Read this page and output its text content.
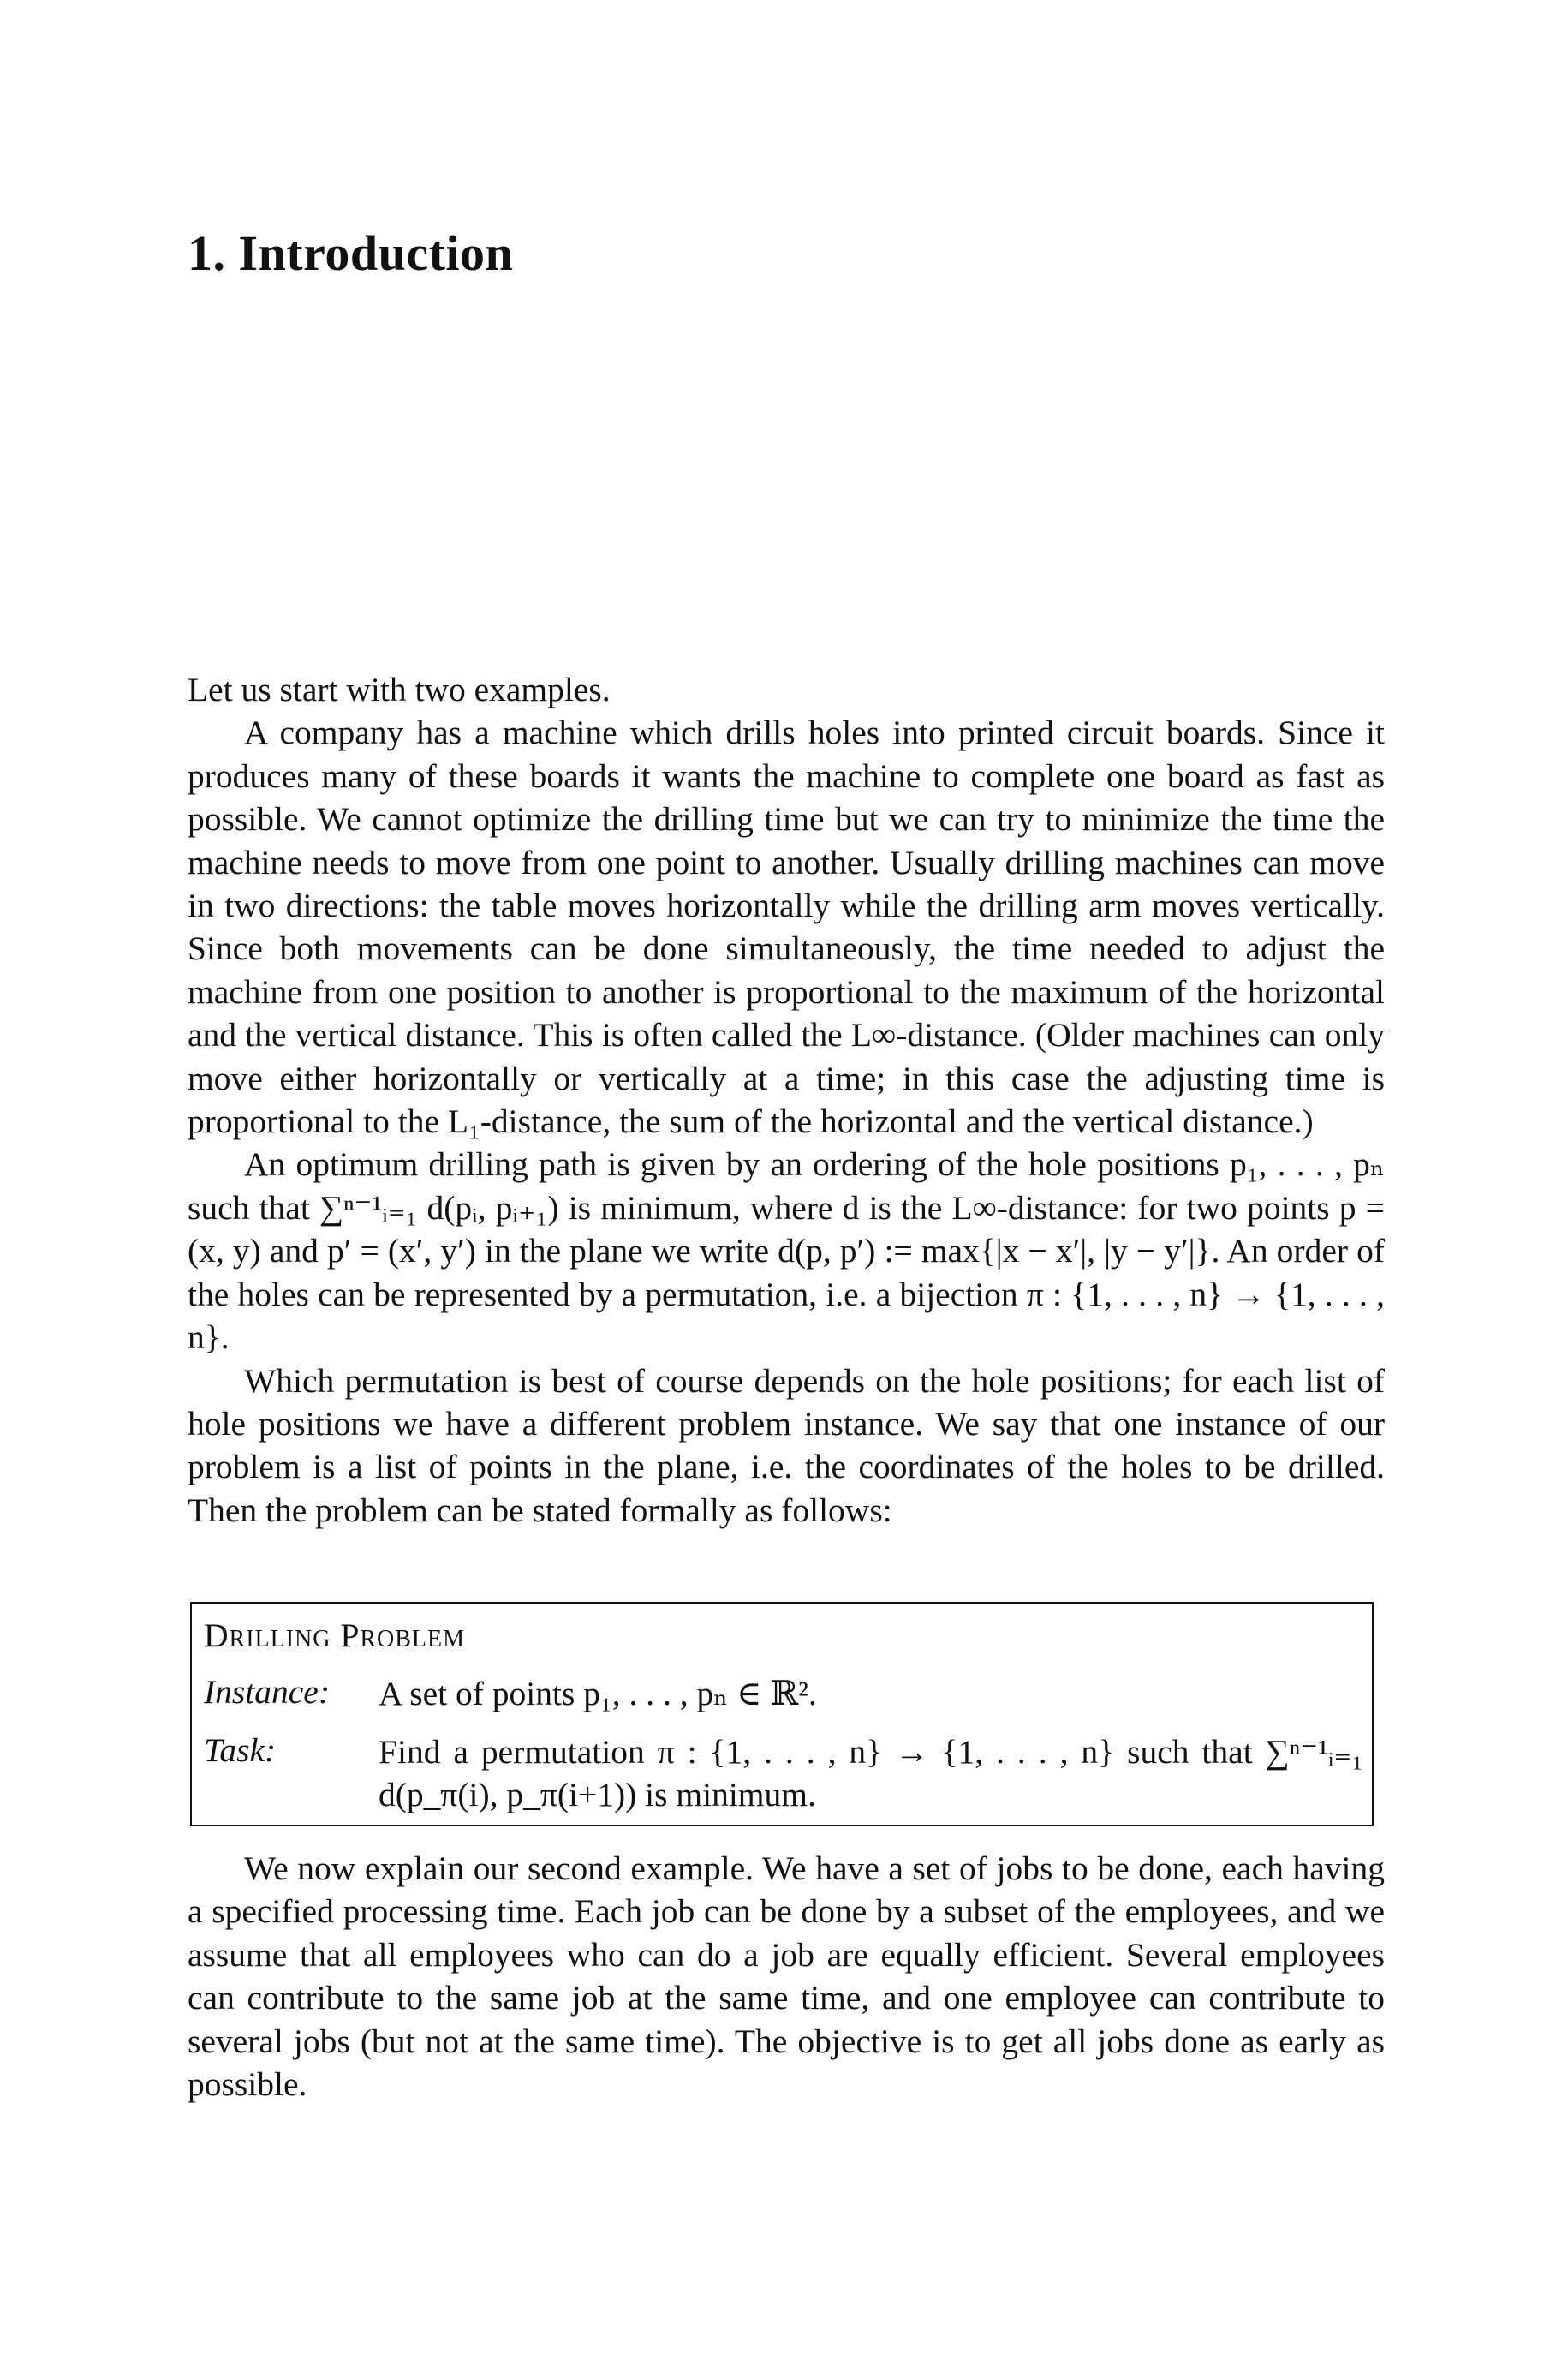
1. Introduction

Let us start with two examples.

A company has a machine which drills holes into printed circuit boards. Since it produces many of these boards it wants the machine to complete one board as fast as possible. We cannot optimize the drilling time but we can try to minimize the time the machine needs to move from one point to another. Usually drilling machines can move in two directions: the table moves horizontally while the drilling arm moves vertically. Since both movements can be done simultaneously, the time needed to adjust the machine from one position to another is proportional to the maximum of the horizontal and the vertical distance. This is often called the L∞-distance. (Older machines can only move either horizontally or vertically at a time; in this case the adjusting time is proportional to the L₁-distance, the sum of the horizontal and the vertical distance.)

An optimum drilling path is given by an ordering of the hole positions p₁, . . . , pₙ such that ∑ⁿ⁻¹ᵢ₌₁ d(pᵢ, pᵢ₊₁) is minimum, where d is the L∞-distance: for two points p = (x, y) and p′ = (x′, y′) in the plane we write d(p, p′) := max{|x − x′|, |y − y′|}. An order of the holes can be represented by a permutation, i.e. a bijection π : {1, . . . , n} → {1, . . . , n}.

Which permutation is best of course depends on the hole positions; for each list of hole positions we have a different problem instance. We say that one instance of our problem is a list of points in the plane, i.e. the coordinates of the holes to be drilled. Then the problem can be stated formally as follows:

Drilling Problem
Instance: A set of points p₁, . . . , pₙ ∈ ℝ².
Task:	Find a permutation π : {1, . . . , n} → {1, . . . , n} such that ∑ⁿ⁻¹ᵢ₌₁ d(p_π(i), p_π(i+1)) is minimum.

We now explain our second example. We have a set of jobs to be done, each having a specified processing time. Each job can be done by a subset of the employees, and we assume that all employees who can do a job are equally efficient. Several employees can contribute to the same job at the same time, and one employee can contribute to several jobs (but not at the same time). The objective is to get all jobs done as early as possible.
